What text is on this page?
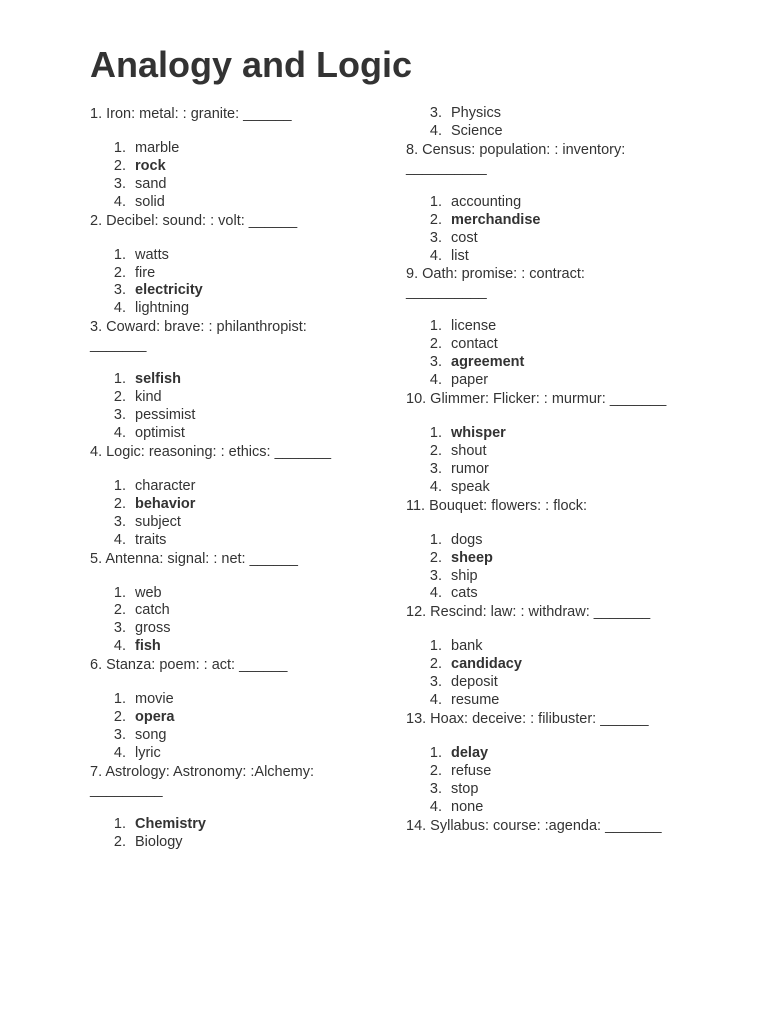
Analogy and Logic

1. Iron: metal: : granite: ______

1. marble
2. rock
3. sand
4. solid

2. Decibel: sound: : volt: ______

1. watts
2. fire
3. electricity
4. lightning

3. Coward: brave: : philanthropist:

_______

1. selfish
2. kind
3. pessimist
4. optimist

4. Logic: reasoning: : ethics: _______

1. character
2. behavior
3. subject
4. traits

5. Antenna: signal: : net: ______

1. web
2. catch
3. gross
4. fish

6. Stanza: poem: : act: ______

1. movie
2. opera
3. song
4. lyric

7. Astrology: Astronomy: :Alchemy:

_________

1. Chemistry
2. Biology
3. Physics
4. Science

8. Census: population: : inventory:

__________

1. accounting
2. merchandise
3. cost
4. list

9. Oath: promise: : contract:

__________

1. license
2. contact
3. agreement
4. paper

10. Glimmer: Flicker: : murmur: _______

1. whisper
2. shout
3. rumor
4. speak

11. Bouquet: flowers: : flock:

1. dogs
2. sheep
3. ship
4. cats

12. Rescind: law: : withdraw: _______

1. bank
2. candidacy
3. deposit
4. resume

13. Hoax: deceive: : filibuster: ______

1. delay
2. refuse
3. stop
4. none

14. Syllabus: course: :agenda: _______
